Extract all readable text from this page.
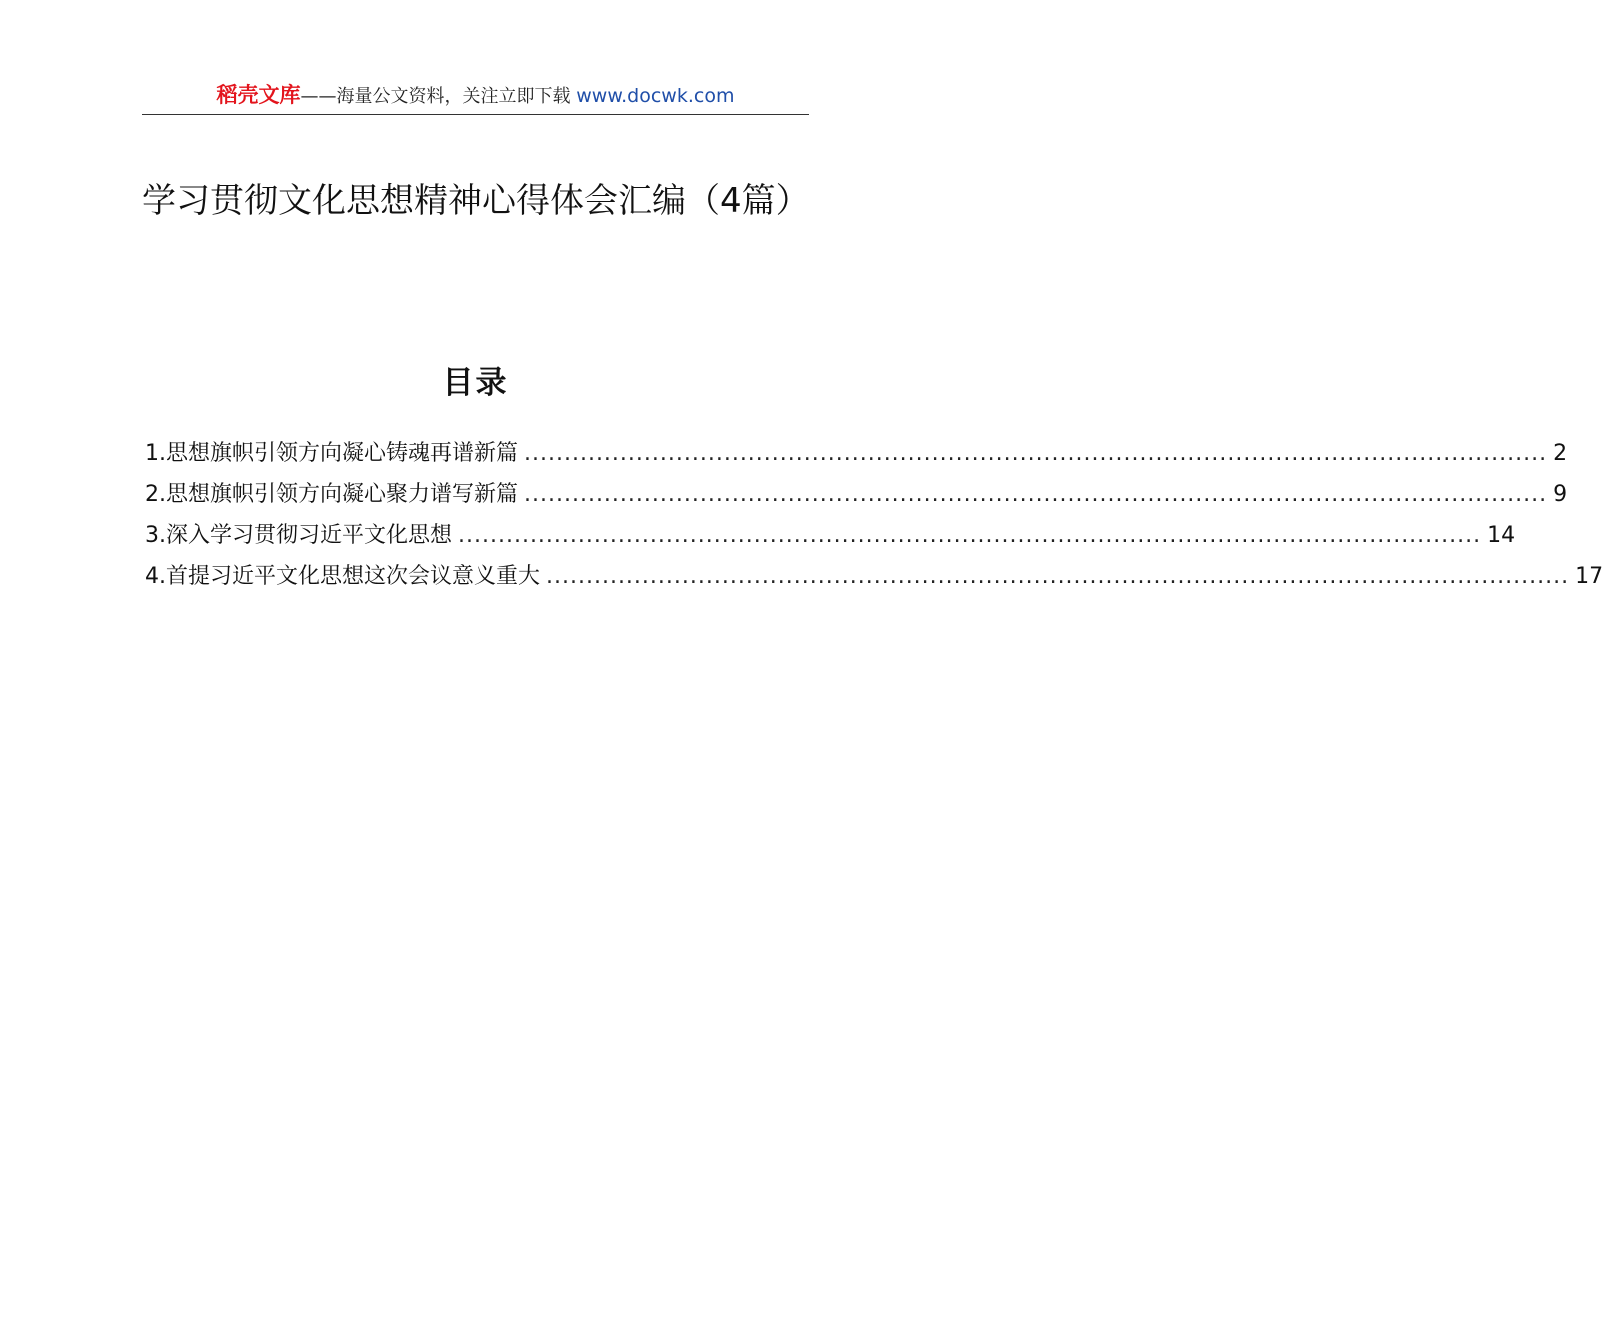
稻壳文库——海量公文资料，关注立即下载 www.docwk.com
学习贯彻文化思想精神心得体会汇编（4篇）
目录
1.思想旗帜引领方向凝心铸魂再谱新篇 ................................................................................................................................ 2
2.思想旗帜引领方向凝心聚力谱写新篇 ................................................................................................................................ 9
3.深入学习贯彻习近平文化思想 ................................................................................................................................ 14
4.首提习近平文化思想这次会议意义重大 ................................................................................................................................ 17
